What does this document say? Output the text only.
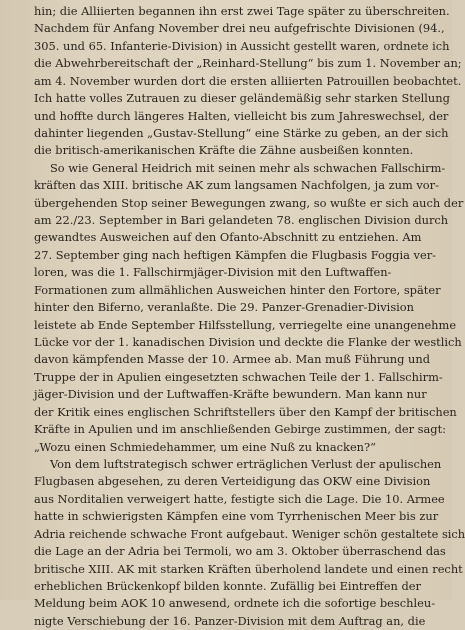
hin; die Alliierten begannen ihn erst zwei Tage später zu überschreiten.
Nachdem für Anfang November drei neu aufgefrischte Divisionen (94.,
305. und 65. Infanterie-Division) in Aussicht gestellt waren, ordnete ich
die Abwehrbereitschaft der „Reinhard-Stellung“ bis zum 1. November an;
am 4. November wurden dort die ersten alliierten Patrouillen beobachtet.
Ich hatte volles Zutrauen zu dieser geländemäßig sehr starken Stellung
und hoffte durch längeres Halten, vielleicht bis zum Jahreswechsel, der
dahinter liegenden „Gustav-Stellung“ eine Stärke zu geben, an der sich
die britisch-amerikanischen Kräfte die Zähne ausbeißen konnten.
So wie General Heidrich mit seinen mehr als schwachen Fallschirm-
kräften das XIII. britische AK zum langsamen Nachfolgen, ja zum vor-
übergehenden Stop seiner Bewegungen zwang, so wußte er sich auch der
am 22./23. September in Bari gelandeten 78. englischen Division durch
gewandtes Ausweichen auf den Ofanto-Abschnitt zu entziehen. Am
27. September ging nach heftigen Kämpfen die Flugbasis Foggia ver-
loren, was die 1. Fallschirmjäger-Division mit den Luftwaffen-
Formationen zum allmählichen Ausweichen hinter den Fortore, später
hinter den Biferno, veranlaßte. Die 29. Panzer-Grenadier-Division
leistete ab Ende September Hilfsstellung, verriegelte eine unangenehme
Lücke vor der 1. kanadischen Division und deckte die Flanke der westlich
davon kämpfenden Masse der 10. Armee ab. Man muß Führung und
Truppe der in Apulien eingesetzten schwachen Teile der 1. Fallschirm-
jäger-Division und der Luftwaffen-Kräfte bewundern. Man kann nur
der Kritik eines englischen Schriftstellers über den Kampf der britischen
Kräfte in Apulien und im anschließenden Gebirge zustimmen, der sagt:
„Wozu einen Schmiedehammer, um eine Nuß zu knacken?“
Von dem luftstrategisch schwer erträglichen Verlust der apulischen
Flugbasen abgesehen, zu deren Verteidigung das OKW eine Division
aus Norditalien verweigert hatte, festigte sich die Lage. Die 10. Armee
hatte in schwierigsten Kämpfen eine vom Tyrrhenischen Meer bis zur
Adria reichende schwache Front aufgebaut. Weniger schön gestaltete sich
die Lage an der Adria bei Termoli, wo am 3. Oktober überraschend das
britische XIII. AK mit starken Kräften überholend landete und einen recht
erheblichen Brückenkopf bilden konnte. Zufällig bei Eintreffen der
Meldung beim AOK 10 anwesend, ordnete ich die sofortige beschleu-
nigte Verschiebung der 16. Panzer-Division mit dem Auftrag an, die
